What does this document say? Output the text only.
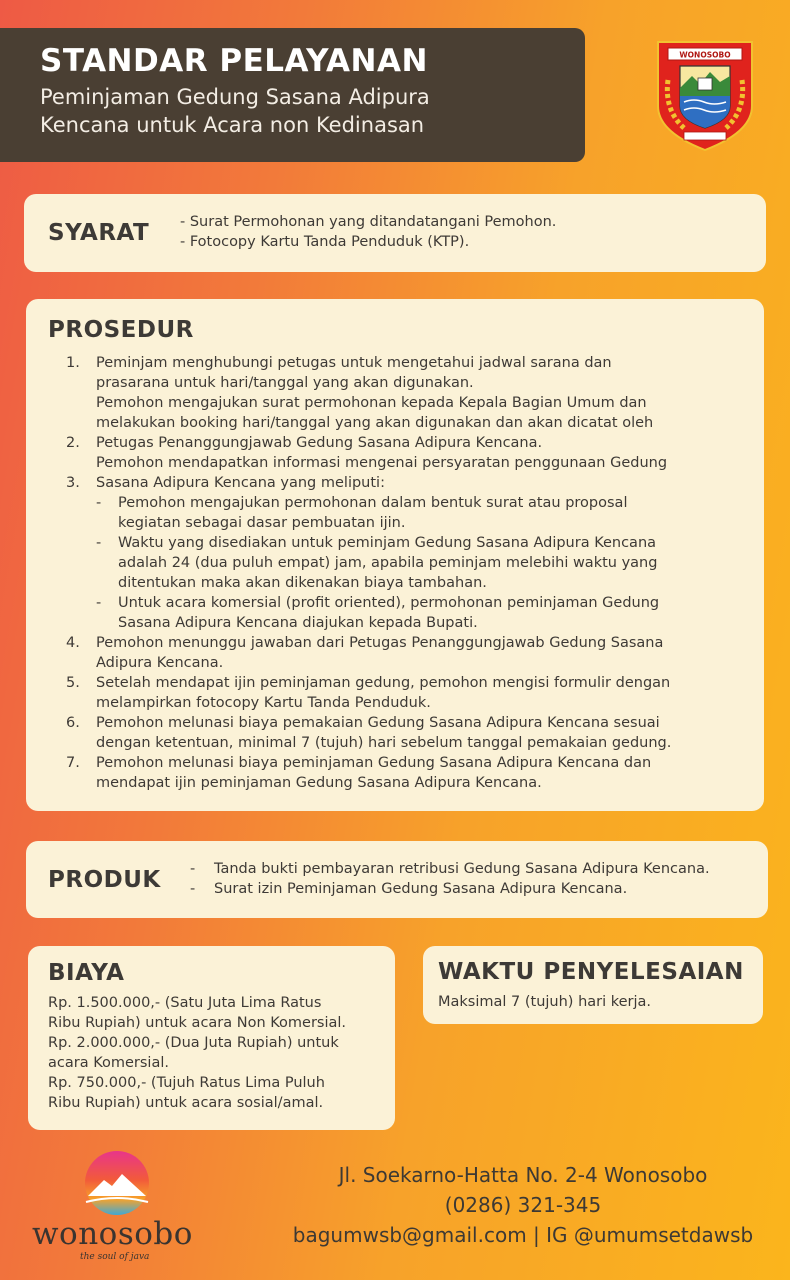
STANDAR PELAYANAN
Peminjaman Gedung Sasana Adipura
Kencana untuk Acara non Kedinasan
WONOSOBO
SYARAT - Surat Permohonan yang ditandatangani Pemohon.
- Fotocopy Kartu Tanda Penduduk (KTP).
PROSEDUR
1.	Peminjam menghubungi petugas untuk mengetahui jadwal sarana dan
prasarana untuk hari/tanggal yang akan digunakan.
Pemohon mengajukan surat permohonan kepada Kepala Bagian Umum dan
melakukan booking hari/tanggal yang akan digunakan dan akan dicatat oleh
2.	Petugas Penanggungjawab Gedung Sasana Adipura Kencana.
Pemohon mendapatkan informasi mengenai persyaratan penggunaan Gedung
3.	Sasana Adipura Kencana yang meliputi:
-	Pemohon mengajukan permohonan dalam bentuk surat atau proposal
kegiatan sebagai dasar pembuatan ijin.
-	Waktu yang disediakan untuk peminjam Gedung Sasana Adipura Kencana
adalah 24 (dua puluh empat) jam, apabila peminjam melebihi waktu yang
ditentukan maka akan dikenakan biaya tambahan.
-	Untuk acara komersial (profit oriented), permohonan peminjaman Gedung
Sasana Adipura Kencana diajukan kepada Bupati.
4.	Pemohon menunggu jawaban dari Petugas Penanggungjawab Gedung Sasana
Adipura Kencana.
5.	Setelah mendapat ijin peminjaman gedung, pemohon mengisi formulir dengan
melampirkan fotocopy Kartu Tanda Penduduk.
6.	Pemohon melunasi biaya pemakaian Gedung Sasana Adipura Kencana sesuai
dengan ketentuan, minimal 7 (tujuh) hari sebelum tanggal pemakaian gedung.
7.	Pemohon melunasi biaya peminjaman Gedung Sasana Adipura Kencana dan
mendapat ijin peminjaman Gedung Sasana Adipura Kencana.
PRODUK -	Tanda bukti pembayaran retribusi Gedung Sasana Adipura Kencana.
-	Surat izin Peminjaman Gedung Sasana Adipura Kencana.
BIAYA
Rp. 1.500.000,- (Satu Juta Lima Ratus
Ribu Rupiah) untuk acara Non Komersial.
Rp. 2.000.000,- (Dua Juta Rupiah) untuk
acara Komersial.
Rp. 750.000,- (Tujuh Ratus Lima Puluh
Ribu Rupiah) untuk acara sosial/amal.
WAKTU PENYELESAIAN
Maksimal 7 (tujuh) hari kerja.
wonosobo
the soul of java
Jl. Soekarno-Hatta No. 2-4 Wonosobo
(0286) 321-345
bagumwsb@gmail.com | IG @umumsetdawsb
